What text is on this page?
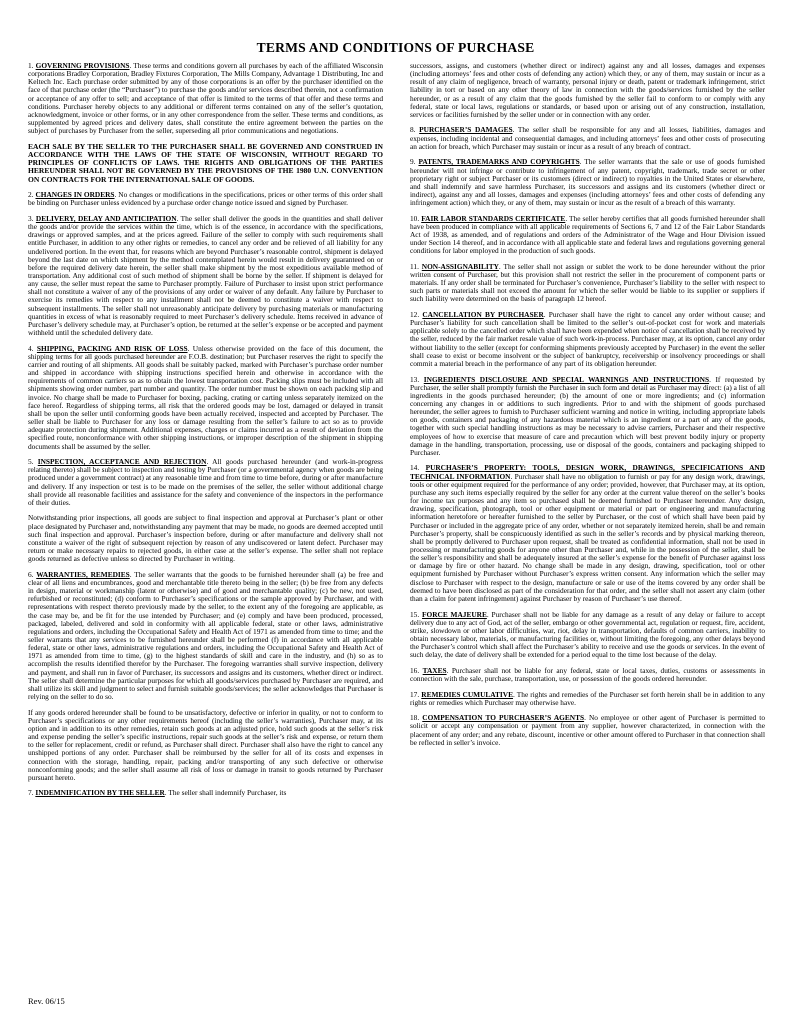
TERMS AND CONDITIONS OF PURCHASE

1. GOVERNING PROVISIONS. These terms and conditions govern all purchases by each of the affiliated Wisconsin corporations Bradley Corporation, Bradley Fixtures Corporation, The Mills Company, Advantage 1 Distributing, Inc and Keltech Inc. Each purchase order submitted by any of those corporations is an offer by the purchaser identified on the face of that purchase order (the “Purchaser”) to purchase the goods and/or services described therein, not a confirmation or acceptance of any offer to sell; and acceptance of that offer is limited to the terms of that offer and these terms and conditions. Purchaser hereby objects to any additional or different terms contained on any of the seller’s quotation, acknowledgment, invoice or other forms, or in any other correspondence from the seller. These terms and conditions, as supplemented by agreed prices and delivery dates, shall constitute the entire agreement between the parties on the subject of purchases by Purchaser from the seller, superseding all prior communications and negotiations.

EACH SALE BY THE SELLER TO THE PURCHASER SHALL BE GOVERNED AND CONSTRUED IN ACCORDANCE WITH THE LAWS OF THE STATE OF WISCONSIN, WITHOUT REGARD TO PRINCIPLES OF CONFLICTS OF LAWS. THE RIGHTS AND OBLIGATIONS OF THE PARTIES HEREUNDER SHALL NOT BE GOVERNED BY THE PROVISIONS OF THE 1980 U.N. CONVENTION ON CONTRACTS FOR THE INTERNATIONAL SALE OF GOODS.

2. CHANGES IN ORDERS. No changes or modifications in the specifications, prices or other terms of this order shall be binding on Purchaser unless evidenced by a purchase order change notice issued and signed by Purchaser.

3. DELIVERY, DELAY AND ANTICIPATION. The seller shall deliver the goods in the quantities and shall deliver the goods and/or provide the services within the time, which is of the essence, in accordance with the specifications, drawings or approved samples, and at the prices agreed. Failure of the seller to comply with such requirements shall entitle Purchaser, in addition to any other rights or remedies, to cancel any order and be relieved of all liability for any undelivered portion. In the event that, for reasons which are beyond Purchaser’s reasonable control, shipment is delayed beyond the last date on which shipment by the method contemplated herein would result in delivery guaranteed on or before the required delivery date herein, the seller shall make shipment by the most expeditious available method of transportation. Any additional cost of such method of shipment shall be borne by the seller. If shipment is delayed for any cause, the seller must repeat the same to Purchaser promptly. Failure of Purchaser to insist upon strict performance shall not constitute a waiver of any of the provisions of any order or waiver of any default. Any failure by Purchaser to exercise its remedies with respect to any installment shall not be deemed to constitute a waiver with respect to subsequent installments. The seller shall not unreasonably anticipate delivery by purchasing materials or manufacturing quantities in excess of what is reasonably required to meet Purchaser’s delivery schedule. Items received in advance of Purchaser’s delivery schedule may, at Purchaser’s option, be returned at the seller’s expense or be accepted and payment withheld until the scheduled delivery date.

4. SHIPPING, PACKING AND RISK OF LOSS. Unless otherwise provided on the face of this document, the shipping terms for all goods purchased hereunder are F.O.B. destination; but Purchaser reserves the right to specify the carrier and routing of all shipments. All goods shall be suitably packed, marked with Purchaser’s purchase order number and shipped in accordance with shipping instructions specified herein and otherwise in accordance with the requirements of common carriers so as to obtain the lowest transportation cost. Packing slips must be included with all shipments showing order number, part number and quantity. The order number must be shown on each packing slip and invoice. No charge shall be made to Purchaser for boxing, packing, crating or carting unless separately itemized on the face hereof. Regardless of shipping terms, all risk that the ordered goods may be lost, damaged or delayed in transit shall be upon the seller until conforming goods have been actually received, inspected and accepted by Purchaser. The seller shall be liable to Purchaser for any loss or damage resulting from the seller’s failure to act so as to provide adequate protection during shipment. Additional expenses, charges or claims incurred as a result of deviation from the specified route, nonconformance with other shipping instructions, or improper description of the shipment in shipping documents shall be assumed by the seller.

5. INSPECTION, ACCEPTANCE AND REJECTION. All goods purchased hereunder (and work-in-progress relating thereto) shall be subject to inspection and testing by Purchaser (or a governmental agency when goods are being produced under a government contract) at any reasonable time and from time to time before, during or after manufacture and delivery. If any inspection or test is to be made on the premises of the seller, the seller without additional charge shall provide all reasonable facilities and assistance for the safety and convenience of the inspectors in the performance of their duties.

Notwithstanding prior inspections, all goods are subject to final inspection and approval at Purchaser’s plant or other place designated by Purchaser and, notwithstanding any payment that may be made, no goods are deemed accepted until such final inspection and approval. Purchaser’s inspection before, during or after manufacture and delivery shall not constitute a waiver of the right of subsequent rejection by reason of any undiscovered or latent defect. Purchaser may return or make necessary repairs to rejected goods, in either case at the seller’s expense. The seller shall not replace goods returned as defective unless so directed by Purchaser in writing.

6. WARRANTIES, REMEDIES. The seller warrants that the goods to be furnished hereunder shall (a) be free and clear of all liens and encumbrances, good and merchantable title thereto being in the seller; (b) be free from any defects in design, material or workmanship (latent or otherwise) and of good and merchantable quality; (c) be new, not used, refurbished or reconstituted; (d) conform to Purchaser’s specifications or the sample approved by Purchaser, and with representations with respect thereto previously made by the seller, to the extent any of the foregoing are applicable, as the case may be, and be fit for the use intended by Purchaser; and (e) comply and have been produced, processed, packaged, labeled, delivered and sold in conformity with all applicable federal, state or other laws, administrative regulations and orders, including the Occupational Safety and Health Act of 1971 as amended from time to time; and the seller warrants that any services to be furnished hereunder shall be performed (f) in accordance with all applicable federal, state or other laws, administrative regulations and orders, including the Occupational Safety and Health Act of 1971 as amended from time to time, (g) to the highest standards of skill and care in the industry, and (h) so as to accomplish the results identified therefor by the Purchaser. The foregoing warranties shall survive inspection, delivery and payment, and shall run in favor of Purchaser, its successors and assigns and its customers, whether direct or indirect. The seller shall determine the particular purposes for which all goods/services purchased by Purchaser are required, and shall utilize its skill and judgment to select and furnish suitable goods/services; the seller acknowledges that Purchaser is relying on the seller to do so.

If any goods ordered hereunder shall be found to be unsatisfactory, defective or inferior in quality, or not to conform to Purchaser’s specifications or any other requirements hereof (including the seller’s warranties), Purchaser may, at its option and in addition to its other remedies, retain such goods at an adjusted price, hold such goods at the seller’s risk and expense pending the seller’s specific instructions, repair such goods at the seller’s risk and expense, or return them to the seller for replacement, credit or refund, as Purchaser shall direct. Purchaser shall also have the right to cancel any unshipped portions of any order. Purchaser shall be reimbursed by the seller for all of its costs and expenses in connection with the storage, handling, repair, packing and/or transporting of any such defective or otherwise nonconforming goods; and the seller shall assume all risk of loss or damage in transit to goods returned by Purchaser pursuant hereto.

7. INDEMNIFICATION BY THE SELLER. The seller shall indemnify Purchaser, its

successors, assigns, and customers (whether direct or indirect) against any and all losses, damages and expenses (including attorneys’ fees and other costs of defending any action) which they, or any of them, may sustain or incur as a result of any claim of negligence, breach of warranty, personal injury or death, patent or trademark infringement, strict liability in tort or based on any other theory of law in connection with the goods/services furnished by the seller hereunder, or as a result of any claim that the goods furnished by the seller fail to conform to or comply with any federal, state or local laws, regulations or standards, or based upon or arising out of any construction, installation, services or facilities furnished by the seller under or in connection with any order.

8. PURCHASER’S DAMAGES. The seller shall be responsible for any and all losses, liabilities, damages and expenses, including incidental and consequential damages, and including attorneys’ fees and other costs of prosecuting an action for breach, which Purchaser may sustain or incur as a result of any breach of contract.

9. PATENTS, TRADEMARKS AND COPYRIGHTS. The seller warrants that the sale or use of goods furnished hereunder will not infringe or contribute to infringement of any patent, copyright, trademark, trade secret or other proprietary right or subject Purchaser or its customers (direct or indirect) to royalties in the United States or elsewhere, and shall indemnify and save harmless Purchaser, its successors and assigns and its customers (whether direct or indirect), against any and all losses, damages and expenses (including attorneys’ fees and other costs of defending any infringement action) which they, or any of them, may sustain or incur as the result of a breach of this warranty.

10. FAIR LABOR STANDARDS CERTIFICATE. The seller hereby certifies that all goods furnished hereunder shall have been produced in compliance with all applicable requirements of Sections 6, 7 and 12 of the Fair Labor Standards Act of 1938, as amended, and of regulations and orders of the Administrator of the Wage and Hour Division issued under Section 14 thereof, and in accordance with all applicable state and federal laws and regulations governing general conditions for labor employed in the production of such goods.

11. NON-ASSIGNABILITY. The seller shall not assign or sublet the work to be done hereunder without the prior written consent of Purchaser, but this provision shall not restrict the seller in the procurement of component parts or materials. If any order shall be terminated for Purchaser’s convenience, Purchaser’s liability to the seller with respect to such parts or materials shall not exceed the amount for which the seller would be liable to its supplier or suppliers if such liability were determined on the basis of paragraph 12 hereof.

12. CANCELLATION BY PURCHASER. Purchaser shall have the right to cancel any order without cause; and Purchaser’s liability for such cancellation shall be limited to the seller’s out-of-pocket cost for work and materials applicable solely to the cancelled order which shall have been expended when notice of cancellation shall be received by the seller, reduced by the fair market resale value of such work-in-process. Purchaser may, at its option, cancel any order without liability to the seller (except for conforming shipments previously accepted by Purchaser) in the event the seller shall cease to exist or become insolvent or the subject of bankruptcy, receivership or insolvency proceedings or shall commit a material breach in the performance of any part of its obligation hereunder.

13. INGREDIENTS DISCLOSURE AND SPECIAL WARNINGS AND INSTRUCTIONS. If requested by Purchaser, the seller shall promptly furnish the Purchaser in such form and detail as Purchaser may direct: (a) a list of all ingredients in the goods purchased hereunder; (b) the amount of one or more ingredients; and (c) information concerning any changes in or additions to such ingredients. Prior to and with the shipment of goods purchased hereunder, the seller agrees to furnish to Purchaser sufficient warning and notice in writing, including appropriate labels on goods, containers and packaging of any hazardous material which is an ingredient or a part of any of the goods, together with such special handling instructions as may be necessary to advise carriers, Purchaser and their respective employees of how to exercise that measure of care and precaution which will best prevent bodily injury or property damage in the handling, transportation, processing, use or disposal of the goods, containers and packaging shipped to Purchaser.

14. PURCHASER’S PROPERTY: TOOLS, DESIGN WORK, DRAWINGS, SPECIFICATIONS AND TECHNICAL INFORMATION. Purchaser shall have no obligation to furnish or pay for any design work, drawings, tools or other equipment required for the performance of any order; provided, however, that Purchaser may, at its option, purchase any such items especially required by the seller for any order at the current value thereof on the seller’s books for income tax purposes and any item so purchased shall be deemed furnished to Purchaser hereunder. Any design, drawing, specification, photograph, tool or other equipment or material or part or engineering and manufacturing information heretofore or hereafter furnished to the seller by Purchaser, or the cost of which shall have been paid by Purchaser or included in the aggregate price of any order, whether or not separately itemized herein, shall be and remain Purchaser’s property, shall be conspicuously identified as such in the seller’s records and by physical marking thereon, shall be promptly delivered to Purchaser upon request, shall be treated as confidential information, shall not be used in processing or manufacturing goods for anyone other than Purchaser and, while in the possession of the seller, shall be the seller’s responsibility and shall be adequately insured at the seller’s expense for the benefit of Purchaser against loss or damage by fire or other hazard. No change shall be made in any design, drawing, specification, tool or other equipment furnished by Purchaser without Purchaser’s express written consent. Any information which the seller may disclose to Purchaser with respect to the design, manufacture or sale or use of the items covered by any order shall be deemed to have been disclosed as part of the consideration for that order, and the seller shall not assert any claim (other than a claim for patent infringement) against Purchaser by reason of Purchaser’s use thereof.

15. FORCE MAJEURE. Purchaser shall not be liable for any damage as a result of any delay or failure to accept delivery due to any act of God, act of the seller, embargo or other governmental act, regulation or request, fire, accident, strike, slowdown or other labor difficulties, war, riot, delay in transportation, defaults of common carriers, inability to obtain necessary labor, materials, or manufacturing facilities or, without limiting the foregoing, any other delays beyond the Purchaser’s control which shall affect the Purchaser’s ability to receive and use the goods or services. In the event of such delay, the date of delivery shall be extended for a period equal to the time lost because of the delay.

16. TAXES. Purchaser shall not be liable for any federal, state or local taxes, duties, customs or assessments in connection with the sale, purchase, transportation, use, or possession of the goods ordered hereunder.

17. REMEDIES CUMULATIVE. The rights and remedies of the Purchaser set forth herein shall be in addition to any rights or remedies which Purchaser may otherwise have.

18. COMPENSATION TO PURCHASER’S AGENTS. No employee or other agent of Purchaser is permitted to solicit or accept any compensation or payment from any supplier, however characterized, in connection with the placement of any order; and any rebate, discount, incentive or other amount offered to Purchaser in that connection shall be reflected in seller’s invoice.

Rev. 06/15
